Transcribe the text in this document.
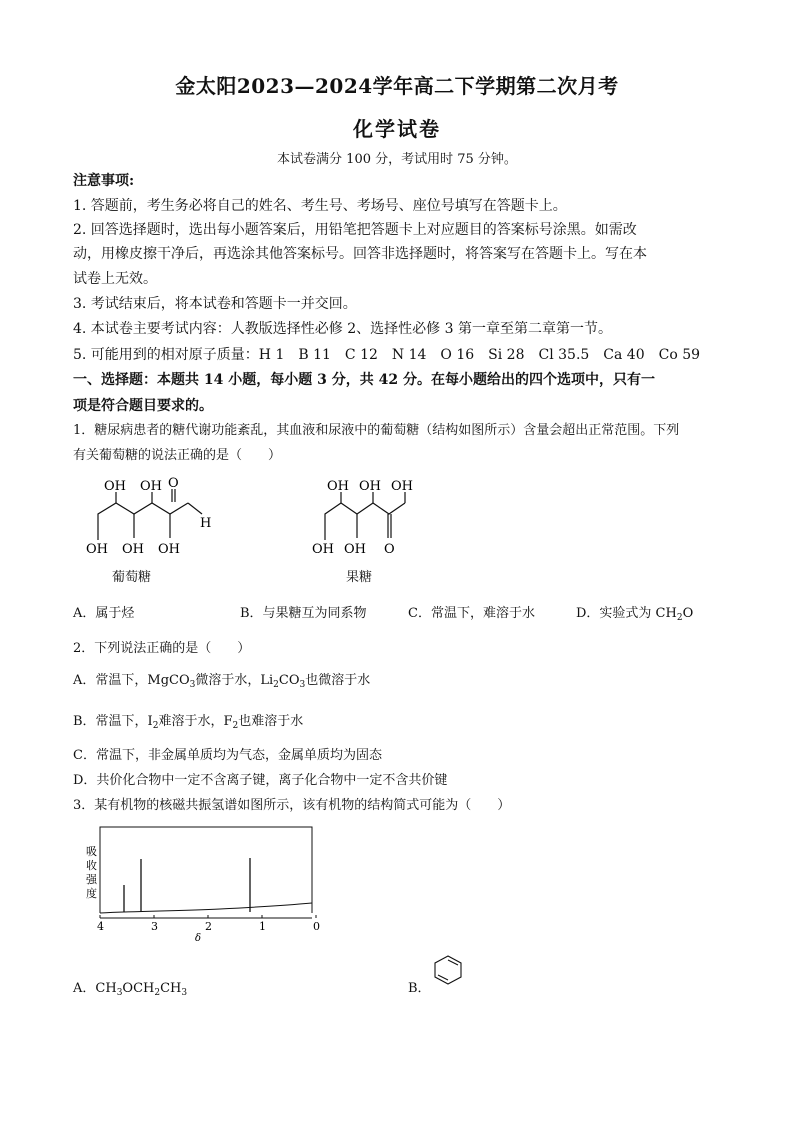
金太阳2023—2024学年高二下学期第二次月考
化学试卷
本试卷满分 100 分，考试用时 75 分钟。
注意事项:
1. 答题前，考生务必将自己的姓名、考生号、考场号、座位号填写在答题卡上。
2. 回答选择题时，选出每小题答案后，用铅笔把答题卡上对应题目的答案标号涂黑。如需改
动，用橡皮擦干净后，再选涂其他答案标号。回答非选择题时，将答案写在答题卡上。写在本
试卷上无效。
3. 考试结束后，将本试卷和答题卡一并交回。
4. 本试卷主要考试内容：人教版选择性必修 2、选择性必修 3 第一章至第二章第一节。
5. 可能用到的相对原子质量：H 1　B 11　C 12　N 14　O 16　Si 28　Cl 35.5　Ca 40　Co 59
一、选择题：本题共 14 小题，每小题 3 分，共 42 分。在每小题给出的四个选项中，只有一
项是符合题目要求的。
1．糖尿病患者的糖代谢功能紊乱，其血液和尿液中的葡萄糖（结构如图所示）含量会超出正常范围。下列
有关葡萄糖的说法正确的是（　　）
OH OH O
H
OH OH OH
葡萄糖
OH OH OH
OH OH O
果糖
A．属于烃	B．与果糖互为同系物	C．常温下，难溶于水	D．实验式为 $CH_2O$
2．下列说法正确的是（　　）
A．常温下，MgCO$_3$微溶于水，$Li_2CO_3$也微溶于水
B．常温下，$I_2$难溶于水，$F_2$也难溶于水
C．常温下，非金属单质均为气态，金属单质均为固态
D．共价化合物中一定不含离子键，离子化合物中一定不含共价键
3．某有机物的核磁共振氢谱如图所示，该有机物的结构简式可能为（　　）
吸
收
强
度
4	3	2	1	0
δ
A．$CH_3OCH_2CH_3$	B．
